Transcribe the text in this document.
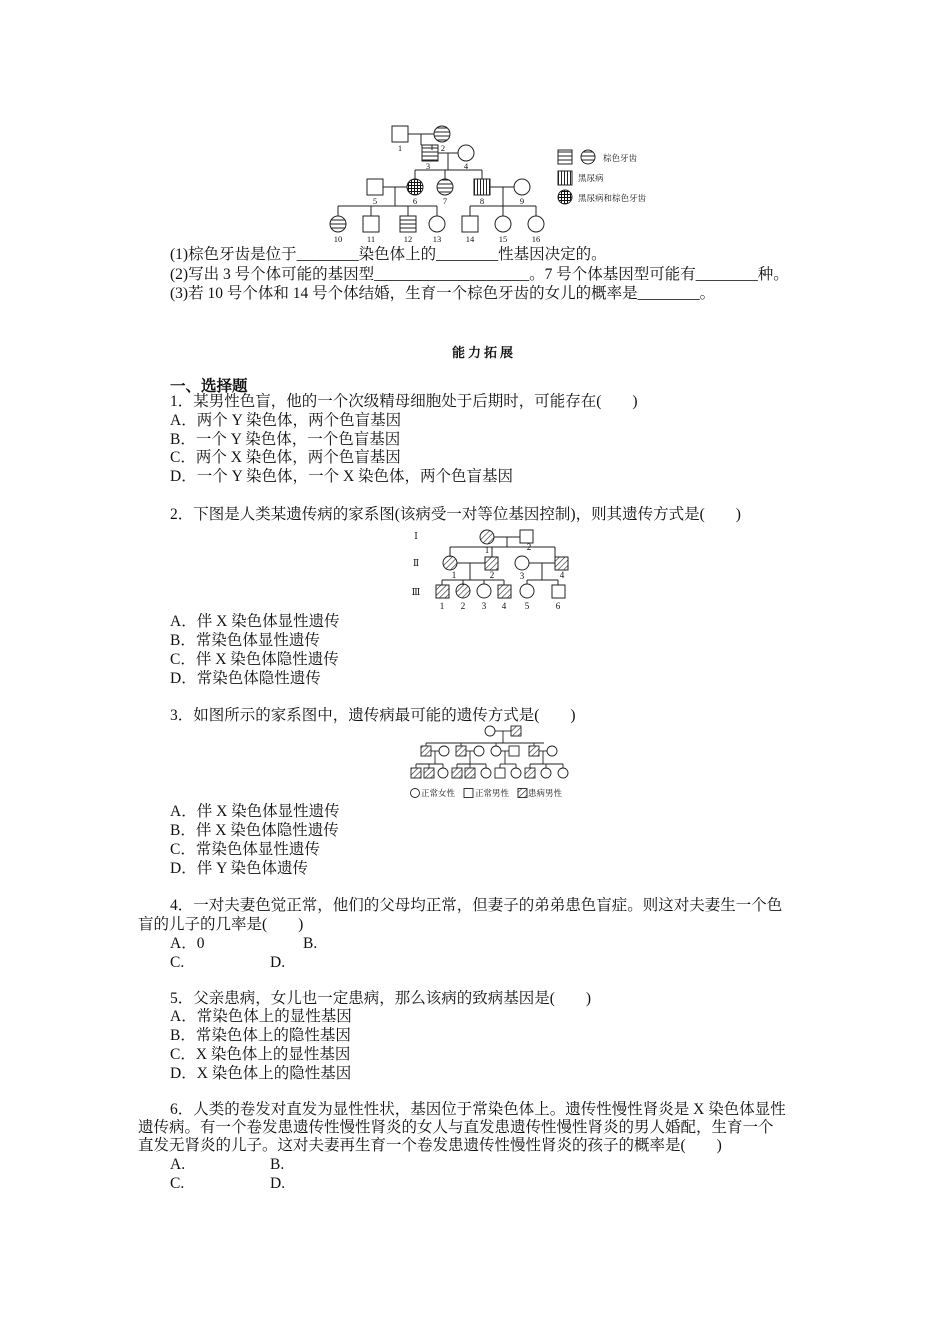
1	2
3	4
5	6	7	8	9
10	11	12 13	14	15	16
棕色牙齿
黑尿病
黑尿病和棕色牙齿
(1)棕色牙齿是位于________染色体上的________性基因决定的。
(2)写出 3 号个体可能的基因型____________________。7 号个体基因型可能有________种。
(3)若 10 号个体和 14 号个体结婚，生育一个棕色牙齿的女儿的概率是________。
能力拓展
一、选择题
1．某男性色盲，他的一个次级精母细胞处于后期时，可能存在(　　)
A．两个 Y 染色体，两个色盲基因
B．一个 Y 染色体，一个色盲基因
C．两个 X 染色体，两个色盲基因
D．一个 Y 染色体，一个 X 染色体，两个色盲基因
2．下图是人类某遗传病的家系图(该病受一对等位基因控制)，则其遗传方式是(　　)
Ⅰ
Ⅱ
Ⅲ
1	2
1	2	3	4
1 2 3 4 5	6
A．伴 X 染色体显性遗传
B．常染色体显性遗传
C．伴 X 染色体隐性遗传
D．常染色体隐性遗传
3．如图所示的家系图中，遗传病最可能的遗传方式是(　　)
正常女性 正常男性 患病男性
A．伴 X 染色体显性遗传
B．伴 X 染色体隐性遗传
C．常染色体显性遗传
D．伴 Y 染色体遗传
4．一对夫妻色觉正常，他们的父母均正常，但妻子的弟弟患色盲症。则这对夫妻生一个色
盲的儿子的几率是(　　)
A．0	B.
C.	D.
5．父亲患病，女儿也一定患病，那么该病的致病基因是(　　)
A．常染色体上的显性基因
B．常染色体上的隐性基因
C．X 染色体上的显性基因
D．X 染色体上的隐性基因
6．人类的卷发对直发为显性性状，基因位于常染色体上。遗传性慢性肾炎是 X 染色体显性
遗传病。有一个卷发患遗传性慢性肾炎的女人与直发患遗传性慢性肾炎的男人婚配，生育一个
直发无肾炎的儿子。这对夫妻再生育一个卷发患遗传性慢性肾炎的孩子的概率是(　　)
A.	B.
C.	D.
